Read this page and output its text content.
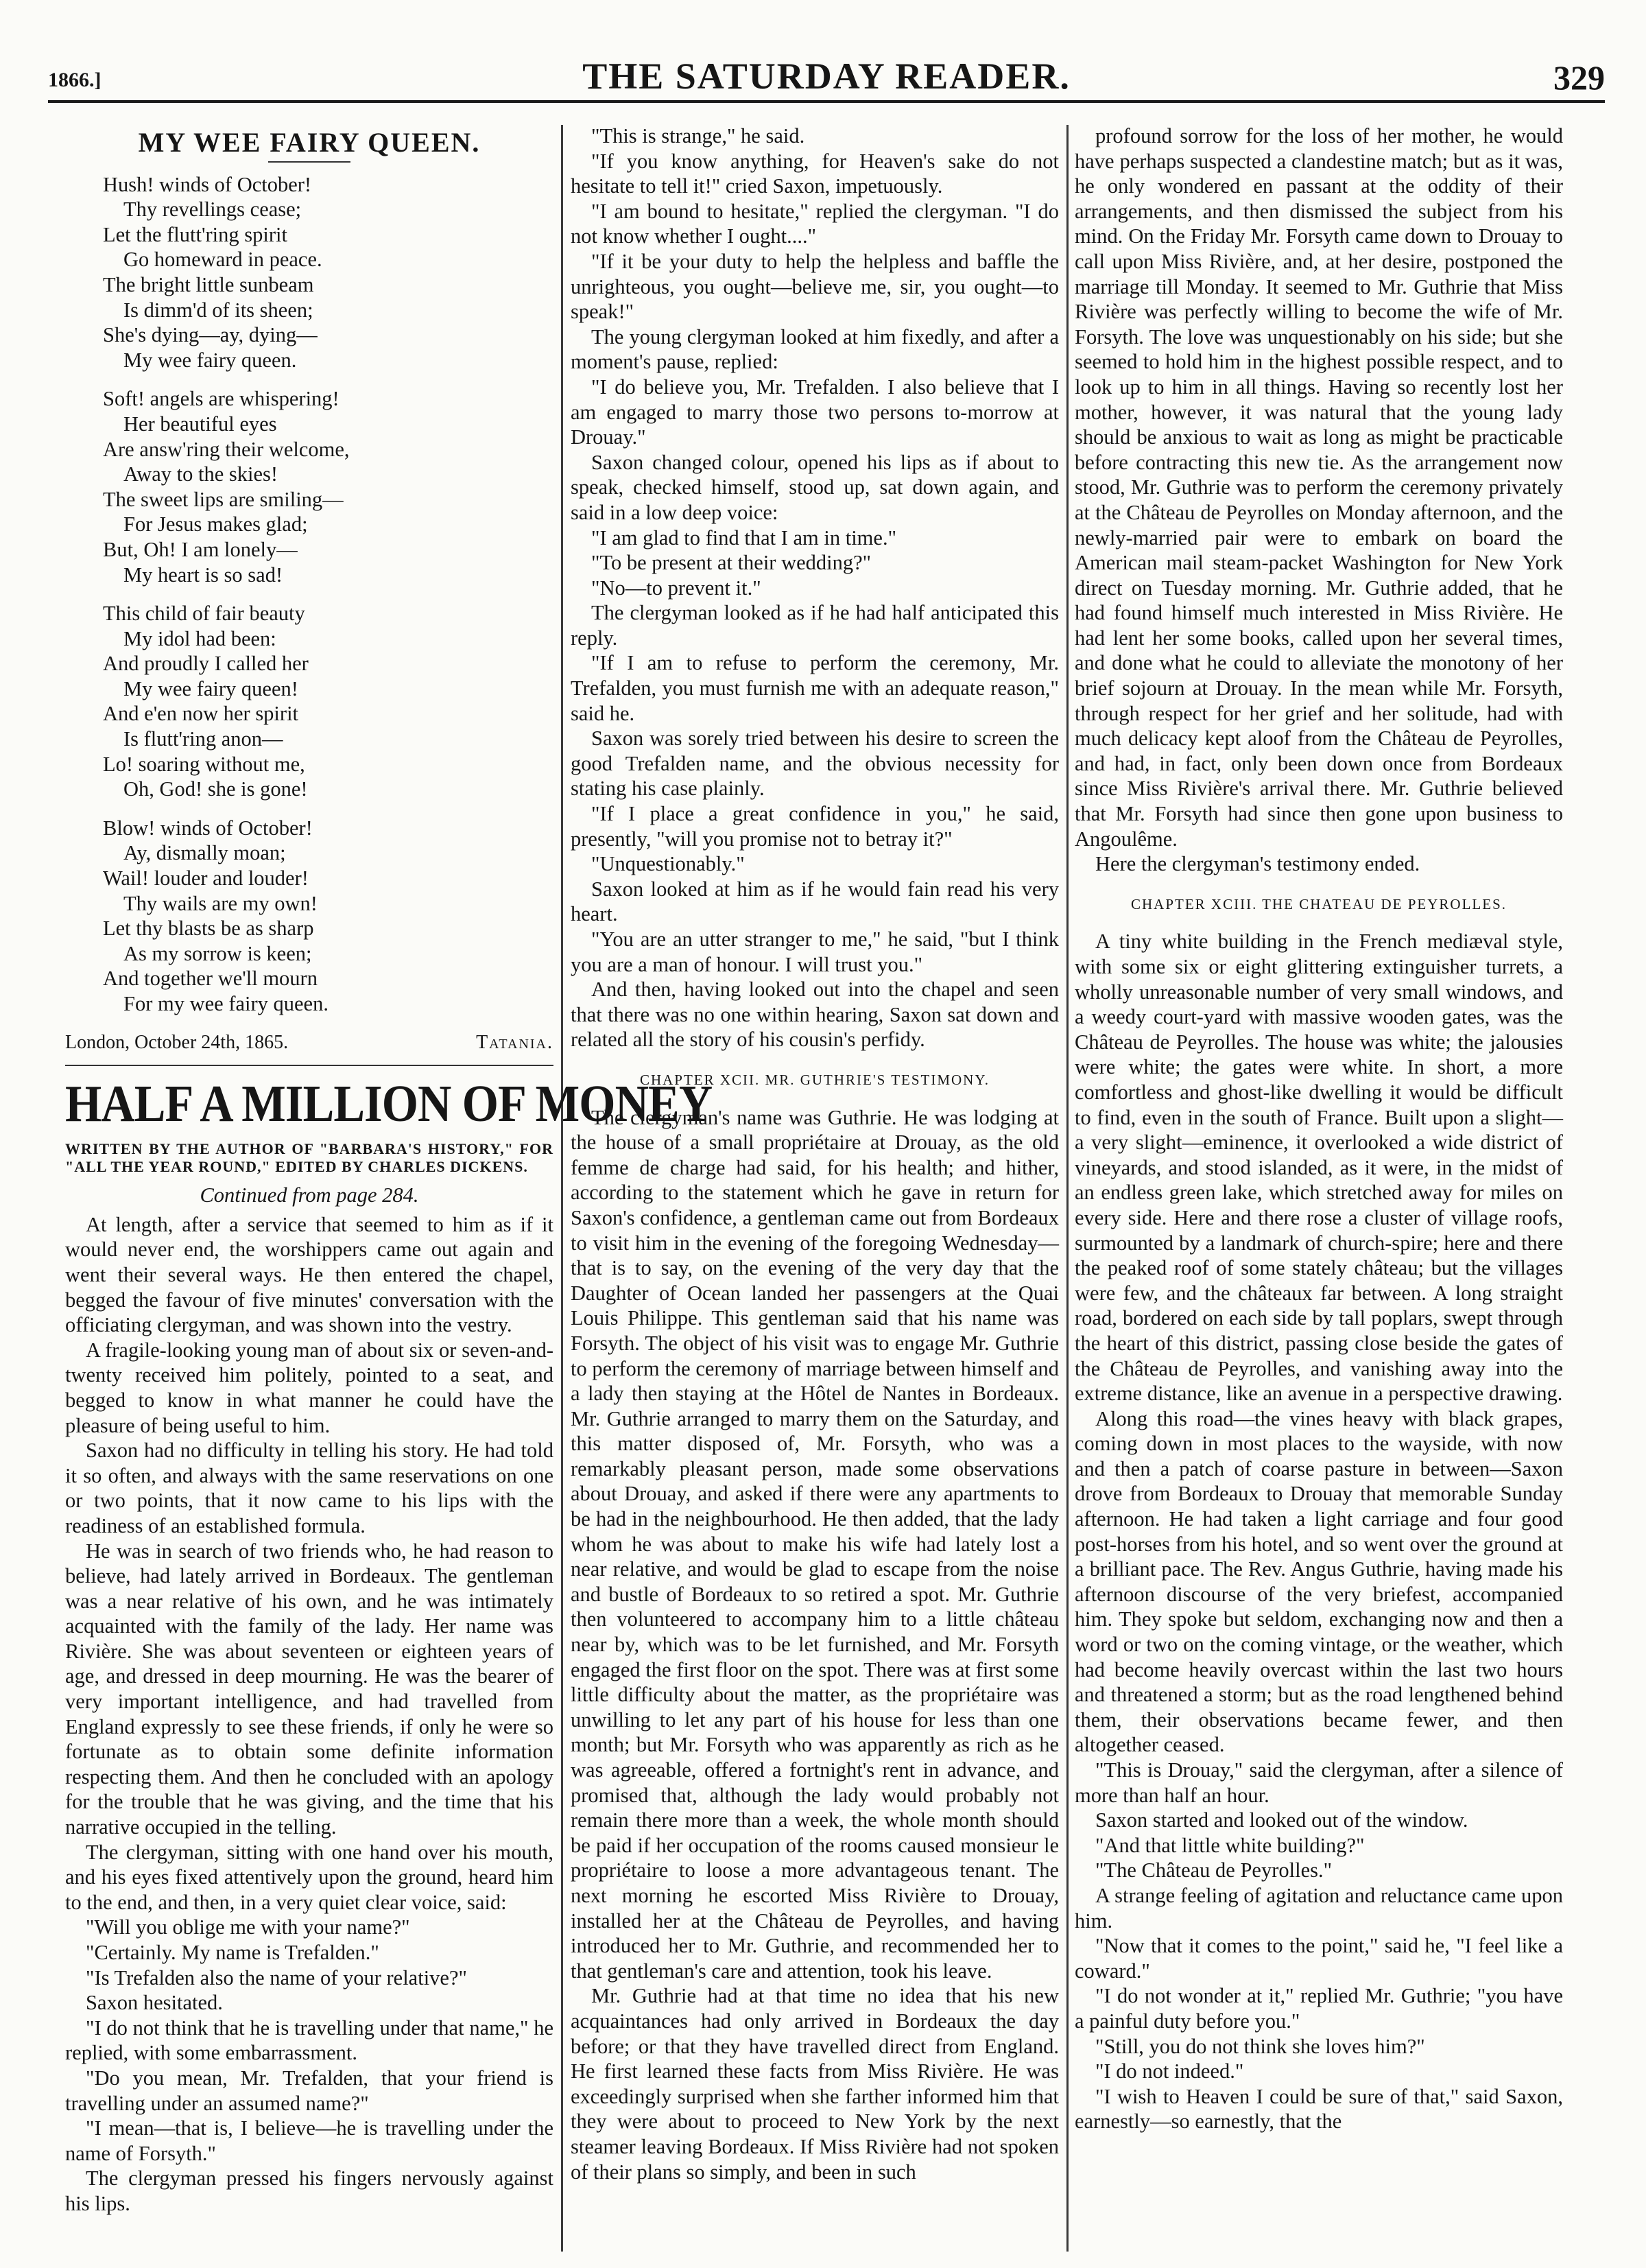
1866.]	THE SATURDAY READER.	329
MY WEE FAIRY QUEEN.
Hush! winds of October!
Thy revellings cease;
Let the flutt'ring spirit
Go homeward in peace.
The bright little sunbeam
Is dimm'd of its sheen;
She's dying—ay, dying—
My wee fairy queen.
Soft! angels are whispering!
Her beautiful eyes
Are answ'ring their welcome,
Away to the skies!
The sweet lips are smiling—
For Jesus makes glad;
But, Oh! I am lonely—
My heart is so sad!
This child of fair beauty
My idol had been:
And proudly I called her
My wee fairy queen!
And e'en now her spirit
Is flutt'ring anon—
Lo! soaring without me,
Oh, God! she is gone!
Blow! winds of October!
Ay, dismally moan;
Wail! louder and louder!
Thy wails are my own!
Let thy blasts be as sharp
As my sorrow is keen;
And together we'll mourn
For my wee fairy queen.
London, October 24th, 1865.	Tatania.
HALF A MILLION OF MONEY
WRITTEN BY THE AUTHOR OF "BARBARA'S HISTORY," FOR "ALL THE YEAR ROUND," EDITED BY CHARLES DICKENS.

Continued from page 284.

At length, after a service that seemed to him as if it would never end, the worshippers came out again and went their several ways. He then entered the chapel, begged the favour of five minutes' conversation with the officiating clergyman, and was shown into the vestry.

A fragile-looking young man of about six or seven-and-twenty received him politely, pointed to a seat, and begged to know in what manner he could have the pleasure of being useful to him.

Saxon had no difficulty in telling his story. He had told it so often, and always with the same reservations on one or two points, that it now came to his lips with the readiness of an established formula.

He was in search of two friends who, he had reason to believe, had lately arrived in Bordeaux. The gentleman was a near relative of his own, and he was intimately acquainted with the family of the lady. Her name was Rivière. She was about seventeen or eighteen years of age, and dressed in deep mourning. He was the bearer of very important intelligence, and had travelled from England expressly to see these friends, if only he were so fortunate as to obtain some definite information respecting them. And then he concluded with an apology for the trouble that he was giving, and the time that his narrative occupied in the telling.

The clergyman, sitting with one hand over his mouth, and his eyes fixed attentively upon the ground, heard him to the end, and then, in a very quiet clear voice, said:

"Will you oblige me with your name?"

"Certainly. My name is Trefalden."

"Is Trefalden also the name of your relative?"

Saxon hesitated.

"I do not think that he is travelling under that name," he replied, with some embarrassment.

"Do you mean, Mr. Trefalden, that your friend is travelling under an assumed name?"

"I mean—that is, I believe—he is travelling under the name of Forsyth."

The clergyman pressed his fingers nervously against his lips.

"This is strange," he said.

"If you know anything, for Heaven's sake do not hesitate to tell it!" cried Saxon, impetuously.

"I am bound to hesitate," replied the clergyman. "I do not know whether I ought...."

"If it be your duty to help the helpless and baffle the unrighteous, you ought—believe me, sir, you ought—to speak!"

The young clergyman looked at him fixedly, and after a moment's pause, replied:

"I do believe you, Mr. Trefalden. I also believe that I am engaged to marry those two persons to-morrow at Drouay."

Saxon changed colour, opened his lips as if about to speak, checked himself, stood up, sat down again, and said in a low deep voice:

"I am glad to find that I am in time."

"To be present at their wedding?"

"No—to prevent it."

The clergyman looked as if he had half anticipated this reply.

"If I am to refuse to perform the ceremony, Mr. Trefalden, you must furnish me with an adequate reason," said he.

Saxon was sorely tried between his desire to screen the good Trefalden name, and the obvious necessity for stating his case plainly.

"If I place a great confidence in you," he said, presently, "will you promise not to betray it?"

"Unquestionably."

Saxon looked at him as if he would fain read his very heart.

"You are an utter stranger to me," he said, "but I think you are a man of honour. I will trust you."

And then, having looked out into the chapel and seen that there was no one within hearing, Saxon sat down and related all the story of his cousin's perfidy.

CHAPTER XCII. MR. GUTHRIE'S TESTIMONY.

The clergyman's name was Guthrie. He was lodging at the house of a small propriétaire at Drouay, as the old femme de charge had said, for his health; and hither, according to the statement which he gave in return for Saxon's confidence, a gentleman came out from Bordeaux to visit him in the evening of the foregoing Wednesday—that is to say, on the evening of the very day that the Daughter of Ocean landed her passengers at the Quai Louis Philippe. This gentleman said that his name was Forsyth. The object of his visit was to engage Mr. Guthrie to perform the ceremony of marriage between himself and a lady then staying at the Hôtel de Nantes in Bordeaux. Mr. Guthrie arranged to marry them on the Saturday, and this matter disposed of, Mr. Forsyth, who was a remarkably pleasant person, made some observations about Drouay, and asked if there were any apartments to be had in the neighbourhood. He then added, that the lady whom he was about to make his wife had lately lost a near relative, and would be glad to escape from the noise and bustle of Bordeaux to so retired a spot. Mr. Guthrie then volunteered to accompany him to a little château near by, which was to be let furnished, and Mr. Forsyth engaged the first floor on the spot. There was at first some little difficulty about the matter, as the propriétaire was unwilling to let any part of his house for less than one month; but Mr. Forsyth who was apparently as rich as he was agreeable, offered a fortnight's rent in advance, and promised that, although the lady would probably not remain there more than a week, the whole month should be paid if her occupation of the rooms caused monsieur le propriétaire to loose a more advantageous tenant. The next morning he escorted Miss Rivière to Drouay, installed her at the Château de Peyrolles, and having introduced her to Mr. Guthrie, and recommended her to that gentleman's care and attention, took his leave.

Mr. Guthrie had at that time no idea that his new acquaintances had only arrived in Bordeaux the day before; or that they have travelled direct from England. He first learned these facts from Miss Rivière. He was exceedingly surprised when she farther informed him that they were about to proceed to New York by the next steamer leaving Bordeaux. If Miss Rivière had not spoken of their plans so simply, and been in such

profound sorrow for the loss of her mother, he would have perhaps suspected a clandestine match; but as it was, he only wondered en passant at the oddity of their arrangements, and then dismissed the subject from his mind. On the Friday Mr. Forsyth came down to Drouay to call upon Miss Rivière, and, at her desire, postponed the marriage till Monday. It seemed to Mr. Guthrie that Miss Rivière was perfectly willing to become the wife of Mr. Forsyth. The love was unquestionably on his side; but she seemed to hold him in the highest possible respect, and to look up to him in all things. Having so recently lost her mother, however, it was natural that the young lady should be anxious to wait as long as might be practicable before contracting this new tie. As the arrangement now stood, Mr. Guthrie was to perform the ceremony privately at the Château de Peyrolles on Monday afternoon, and the newly-married pair were to embark on board the American mail steam-packet Washington for New York direct on Tuesday morning. Mr. Guthrie added, that he had found himself much interested in Miss Rivière. He had lent her some books, called upon her several times, and done what he could to alleviate the monotony of her brief sojourn at Drouay. In the mean while Mr. Forsyth, through respect for her grief and her solitude, had with much delicacy kept aloof from the Château de Peyrolles, and had, in fact, only been down once from Bordeaux since Miss Rivière's arrival there. Mr. Guthrie believed that Mr. Forsyth had since then gone upon business to Angoulême.

Here the clergyman's testimony ended.

CHAPTER XCIII. THE CHATEAU DE PEYROLLES.

A tiny white building in the French mediæval style, with some six or eight glittering extinguisher turrets, a wholly unreasonable number of very small windows, and a weedy court-yard with massive wooden gates, was the Château de Peyrolles. The house was white; the jalousies were white; the gates were white. In short, a more comfortless and ghost-like dwelling it would be difficult to find, even in the south of France. Built upon a slight—a very slight—eminence, it overlooked a wide district of vineyards, and stood islanded, as it were, in the midst of an endless green lake, which stretched away for miles on every side. Here and there rose a cluster of village roofs, surmounted by a landmark of church-spire; here and there the peaked roof of some stately château; but the villages were few, and the châteaux far between. A long straight road, bordered on each side by tall poplars, swept through the heart of this district, passing close beside the gates of the Château de Peyrolles, and vanishing away into the extreme distance, like an avenue in a perspective drawing.

Along this road—the vines heavy with black grapes, coming down in most places to the wayside, with now and then a patch of coarse pasture in between—Saxon drove from Bordeaux to Drouay that memorable Sunday afternoon. He had taken a light carriage and four good post-horses from his hotel, and so went over the ground at a brilliant pace. The Rev. Angus Guthrie, having made his afternoon discourse of the very briefest, accompanied him. They spoke but seldom, exchanging now and then a word or two on the coming vintage, or the weather, which had become heavily overcast within the last two hours and threatened a storm; but as the road lengthened behind them, their observations became fewer, and then altogether ceased.

"This is Drouay," said the clergyman, after a silence of more than half an hour.

Saxon started and looked out of the window.

"And that little white building?"

"The Château de Peyrolles."

A strange feeling of agitation and reluctance came upon him.

"Now that it comes to the point," said he, "I feel like a coward."

"I do not wonder at it," replied Mr. Guthrie; "you have a painful duty before you."

"Still, you do not think she loves him?"

"I do not indeed."

"I wish to Heaven I could be sure of that," said Saxon, earnestly—so earnestly, that the
